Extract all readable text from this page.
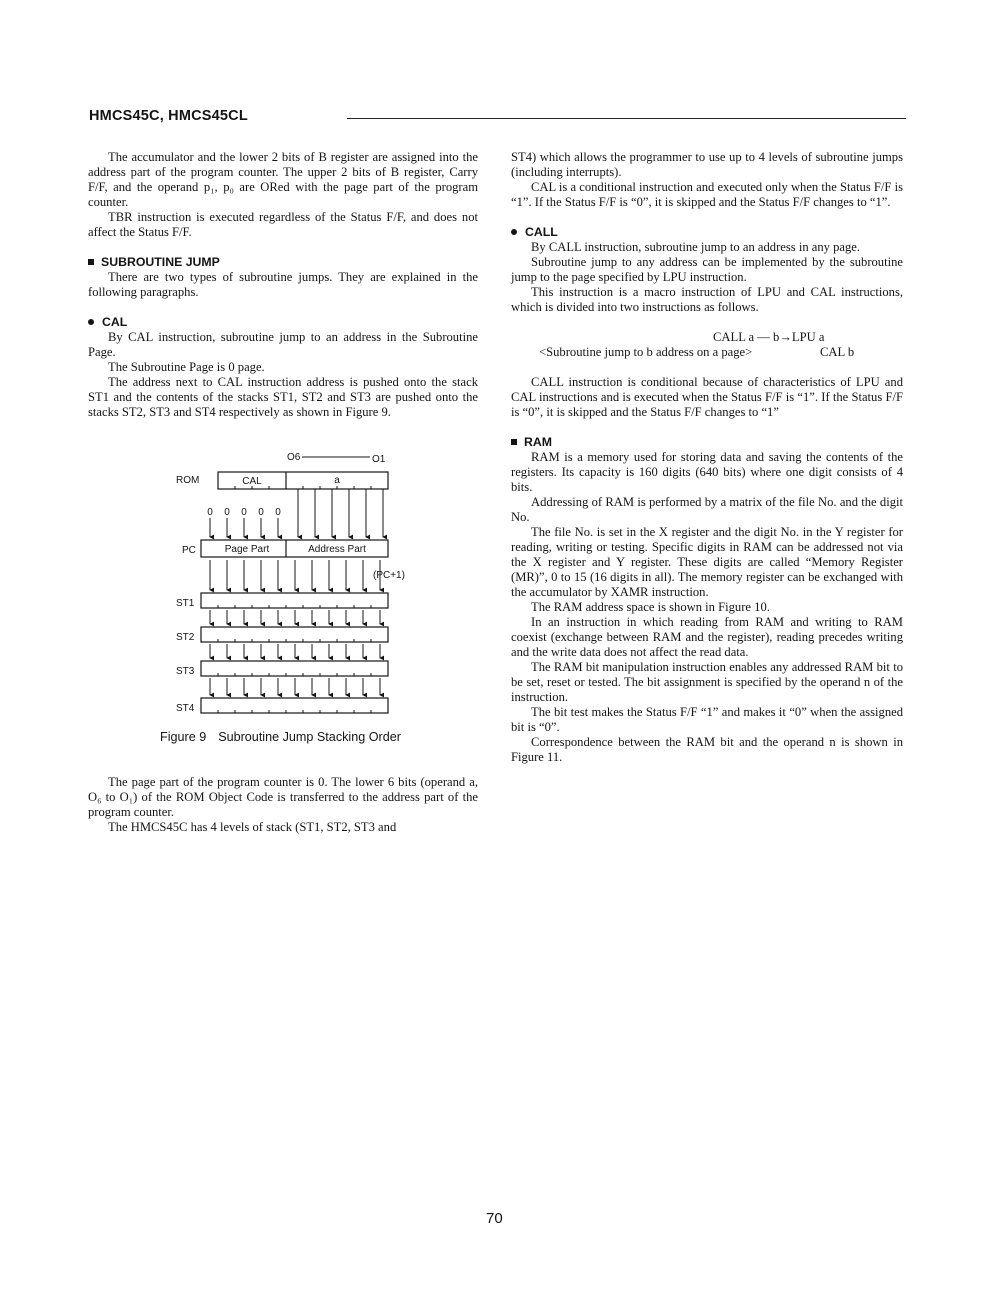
HMCS45C, HMCS45CL

The accumulator and the lower 2 bits of B register are assigned into the address part of the program counter. The upper 2 bits of B register, Carry F/F, and the operand p₁, p₀ are ORed with the page part of the program counter.

TBR instruction is executed regardless of the Status F/F, and does not affect the Status F/F.

SUBROUTINE JUMP

There are two types of subroutine jumps. They are explained in the following paragraphs.

CAL

By CAL instruction, subroutine jump to an address in the Subroutine Page.

The Subroutine Page is 0 page.

The address next to CAL instruction address is pushed onto the stack ST1 and the contents of the stacks ST1, ST2 and ST3 are pushed onto the stacks ST2, ST3 and ST4 respectively as shown in Figure 9.

O6	O1
ROM
PC
ST1
ST2
ST3
ST4
(PC+1)
CAL	a
0 0 0 0 0
Page Part	Address Part
Figure 9 Subroutine Jump Stacking Order

The page part of the program counter is 0. The lower 6 bits (operand a, O₆ to O₁) of the ROM Object Code is transferred to the address part of the program counter.

The HMCS45C has 4 levels of stack (ST1, ST2, ST3 and

ST4) which allows the programmer to use up to 4 levels of subroutine jumps (including interrupts).

CAL is a conditional instruction and executed only when the Status F/F is “1”. If the Status F/F is “0”, it is skipped and the Status F/F changes to “1”.

CALL

By CALL instruction, subroutine jump to an address in any page.

Subroutine jump to any address can be implemented by the subroutine jump to the page specified by LPU instruction.

This instruction is a macro instruction of LPU and CAL instructions, which is divided into two instructions as follows.

CALL a — b→LPU a
<Subroutine jump to b address on a page>	CAL b

CALL instruction is conditional because of characteristics of LPU and CAL instructions and is executed when the Status F/F is “1”. If the Status F/F is “0”, it is skipped and the Status F/F changes to “1”

RAM

RAM is a memory used for storing data and saving the contents of the registers. Its capacity is 160 digits (640 bits) where one digit consists of 4 bits.

Addressing of RAM is performed by a matrix of the file No. and the digit No.

The file No. is set in the X register and the digit No. in the Y register for reading, writing or testing. Specific digits in RAM can be addressed not via the X register and Y register. These digits are called “Memory Register (MR)”, 0 to 15 (16 digits in all). The memory register can be exchanged with the accumulator by XAMR instruction.

The RAM address space is shown in Figure 10.

In an instruction in which reading from RAM and writing to RAM coexist (exchange between RAM and the register), reading precedes writing and the write data does not affect the read data.

The RAM bit manipulation instruction enables any addressed RAM bit to be set, reset or tested. The bit assignment is specified by the operand n of the instruction.

The bit test makes the Status F/F “1” and makes it “0” when the assigned bit is “0”.

Correspondence between the RAM bit and the operand n is shown in Figure 11.

70
